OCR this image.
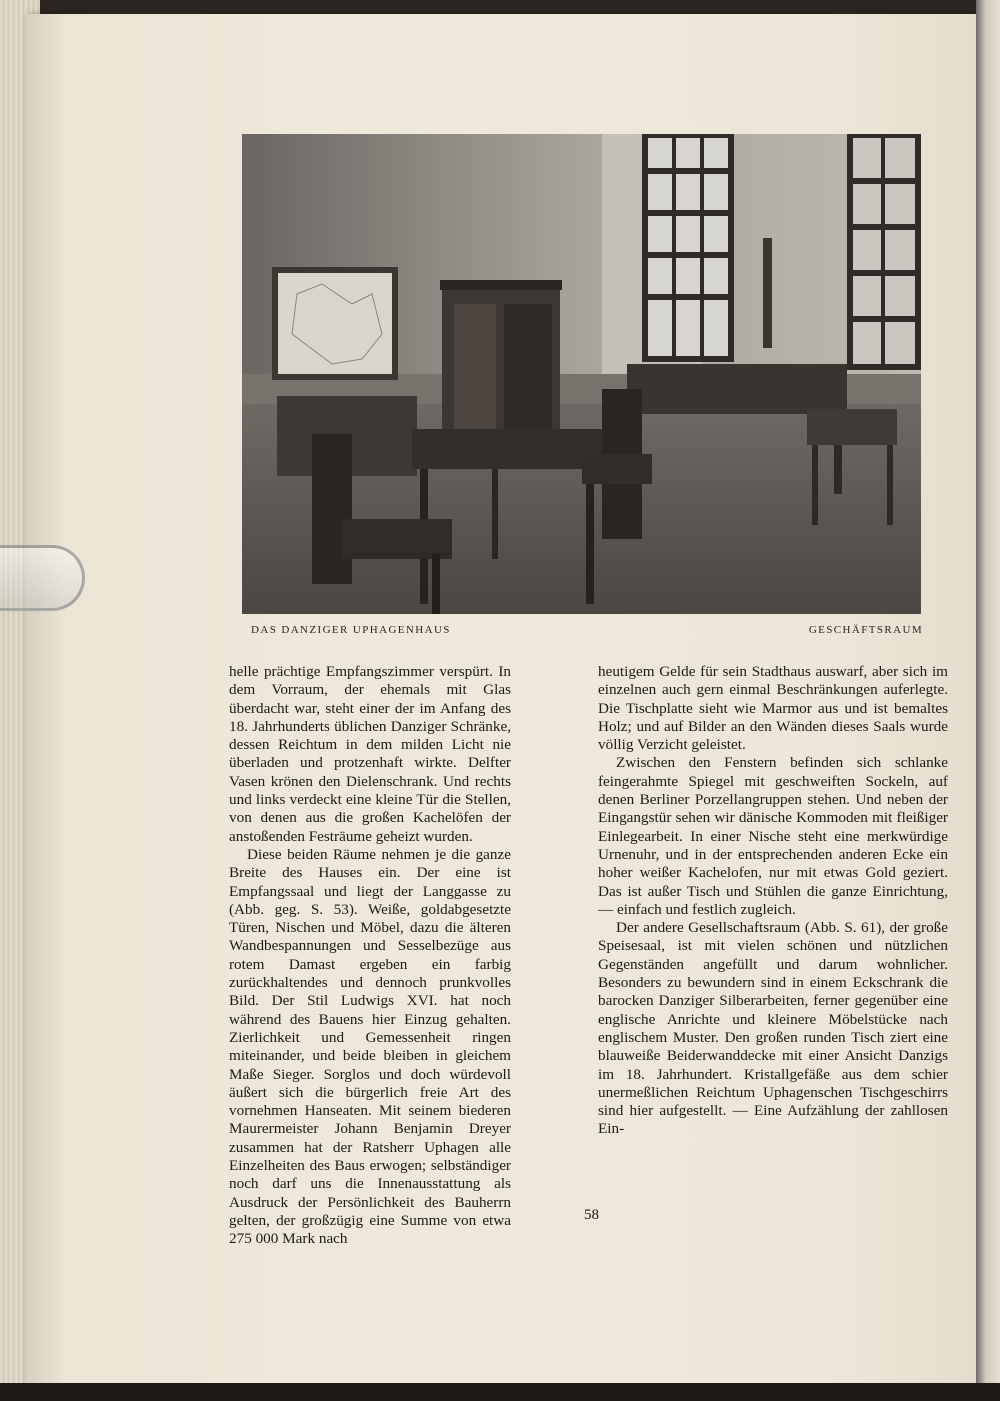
DAS DANZIGER UPHAGENHAUS	GESCHÄFTSRAUM

helle prächtige Empfangszimmer verspürt. In dem Vorraum, der ehemals mit Glas überdacht war, steht einer der im Anfang des 18. Jahrhunderts üblichen Danziger Schränke, dessen Reichtum in dem milden Licht nie überladen und protzenhaft wirkte. Delfter Vasen krönen den Dielenschrank. Und rechts und links verdeckt eine kleine Tür die Stellen, von denen aus die großen Kachelöfen der anstoßenden Festräume geheizt wurden.

Diese beiden Räume nehmen je die ganze Breite des Hauses ein. Der eine ist Empfangssaal und liegt der Langgasse zu (Abb. geg. S. 53). Weiße, goldabgesetzte Türen, Nischen und Möbel, dazu die älteren Wandbespannungen und Sesselbezüge aus rotem Damast ergeben ein farbig zurückhaltendes und dennoch prunkvolles Bild. Der Stil Ludwigs XVI. hat noch während des Bauens hier Einzug gehalten. Zierlichkeit und Gemessenheit ringen miteinander, und beide bleiben in gleichem Maße Sieger. Sorglos und doch würdevoll äußert sich die bürgerlich freie Art des vornehmen Hanseaten. Mit seinem biederen Maurermeister Johann Benjamin Dreyer zusammen hat der Ratsherr Uphagen alle Einzelheiten des Baus erwogen; selbständiger noch darf uns die Innenausstattung als Ausdruck der Persönlichkeit des Bauherrn gelten, der großzügig eine Summe von etwa 275 000 Mark nach

heutigem Gelde für sein Stadthaus auswarf, aber sich im einzelnen auch gern einmal Beschränkungen auferlegte. Die Tischplatte sieht wie Marmor aus und ist bemaltes Holz; und auf Bilder an den Wänden dieses Saals wurde völlig Verzicht geleistet.

Zwischen den Fenstern befinden sich schlanke feingerahmte Spiegel mit geschweiften Sockeln, auf denen Berliner Porzellangruppen stehen. Und neben der Eingangstür sehen wir dänische Kommoden mit fleißiger Einlegearbeit. In einer Nische steht eine merkwürdige Urnenuhr, und in der entsprechenden anderen Ecke ein hoher weißer Kachelofen, nur mit etwas Gold geziert. Das ist außer Tisch und Stühlen die ganze Einrichtung, — einfach und festlich zugleich.

Der andere Gesellschaftsraum (Abb. S. 61), der große Speisesaal, ist mit vielen schönen und nützlichen Gegenständen angefüllt und darum wohnlicher. Besonders zu bewundern sind in einem Eckschrank die barocken Danziger Silberarbeiten, ferner gegenüber eine englische Anrichte und kleinere Möbelstücke nach englischem Muster. Den großen runden Tisch ziert eine blauweiße Beiderwanddecke mit einer Ansicht Danzigs im 18. Jahrhundert. Kristallgefäße aus dem schier unermeßlichen Reichtum Uphagenschen Tischgeschirrs sind hier aufgestellt. — Eine Aufzählung der zahllosen Ein-

58
